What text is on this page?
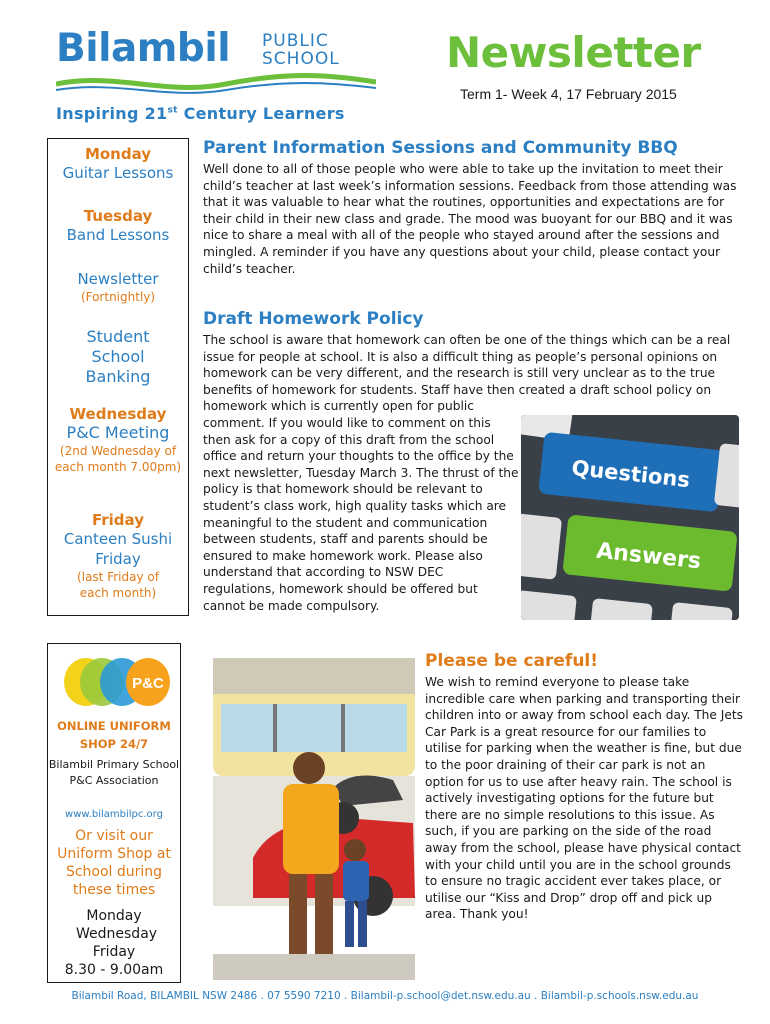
Bilambil PUBLIC
SCHOOL
Inspiring 21st Century Learners
Newsletter
Term 1- Week 4, 17 February 2015
Monday
Guitar Lessons
Tuesday
Band Lessons
Newsletter
(Fortnightly)
Student School Banking
Wednesday
P&C Meeting
(2nd Wednesday of each month 7.00pm)
Friday
Canteen Sushi Friday
(last Friday of each month)
P&C
ONLINE UNIFORM SHOP 24/7
Bilambil Primary School P&C Association
www.bilambilpc.org
Or visit our Uniform Shop at School during these times
Monday Wednesday Friday
8.30 - 9.00am
Parent Information Sessions and Community BBQ

Well done to all of those people who were able to take up the invitation to meet their child’s teacher at last week’s information sessions. Feedback from those attending was that it was valuable to hear what the routines, opportunities and expectations are for their child in their new class and grade. The mood was buoyant for our BBQ and it was nice to share a meal with all of the people who stayed around after the sessions and mingled. A reminder if you have any questions about your child, please contact your child’s teacher.

Draft Homework Policy

The school is aware that homework can often be one of the things which can be a real issue for people at school. It is also a difficult thing as people’s personal opinions on homework can be very different, and the research is still very unclear as to the true benefits of homework for students. Staff have then created a draft school policy on homework which is currently open for public

comment. If you would like to comment on this then ask for a copy of this draft from the school office and return your thoughts to the office by the next newsletter, Tuesday March 3. The thrust of the policy is that homework should be relevant to student’s class work, high quality tasks which are meaningful to the student and communication between students, staff and parents should be ensured to make homework work. Please also understand that according to NSW DEC regulations, homework should be offered but cannot be made compulsory.

Questions
Answers
Please be careful!

We wish to remind everyone to please take incredible care when parking and transporting their children into or away from school each day. The Jets Car Park is a great resource for our families to utilise for parking when the weather is fine, but due to the poor draining of their car park is not an option for us to use after heavy rain. The school is actively investigating options for the future but there are no simple resolutions to this issue. As such, if you are parking on the side of the road away from the school, please have physical contact with your child until you are in the school grounds to ensure no tragic accident ever takes place, or utilise our “Kiss and Drop” drop off and pick up area. Thank you!

Bilambil Road, BILAMBIL NSW 2486 . 07 5590 7210 . Bilambil-p.school@det.nsw.edu.au . Bilambil-p.schools.nsw.edu.au
